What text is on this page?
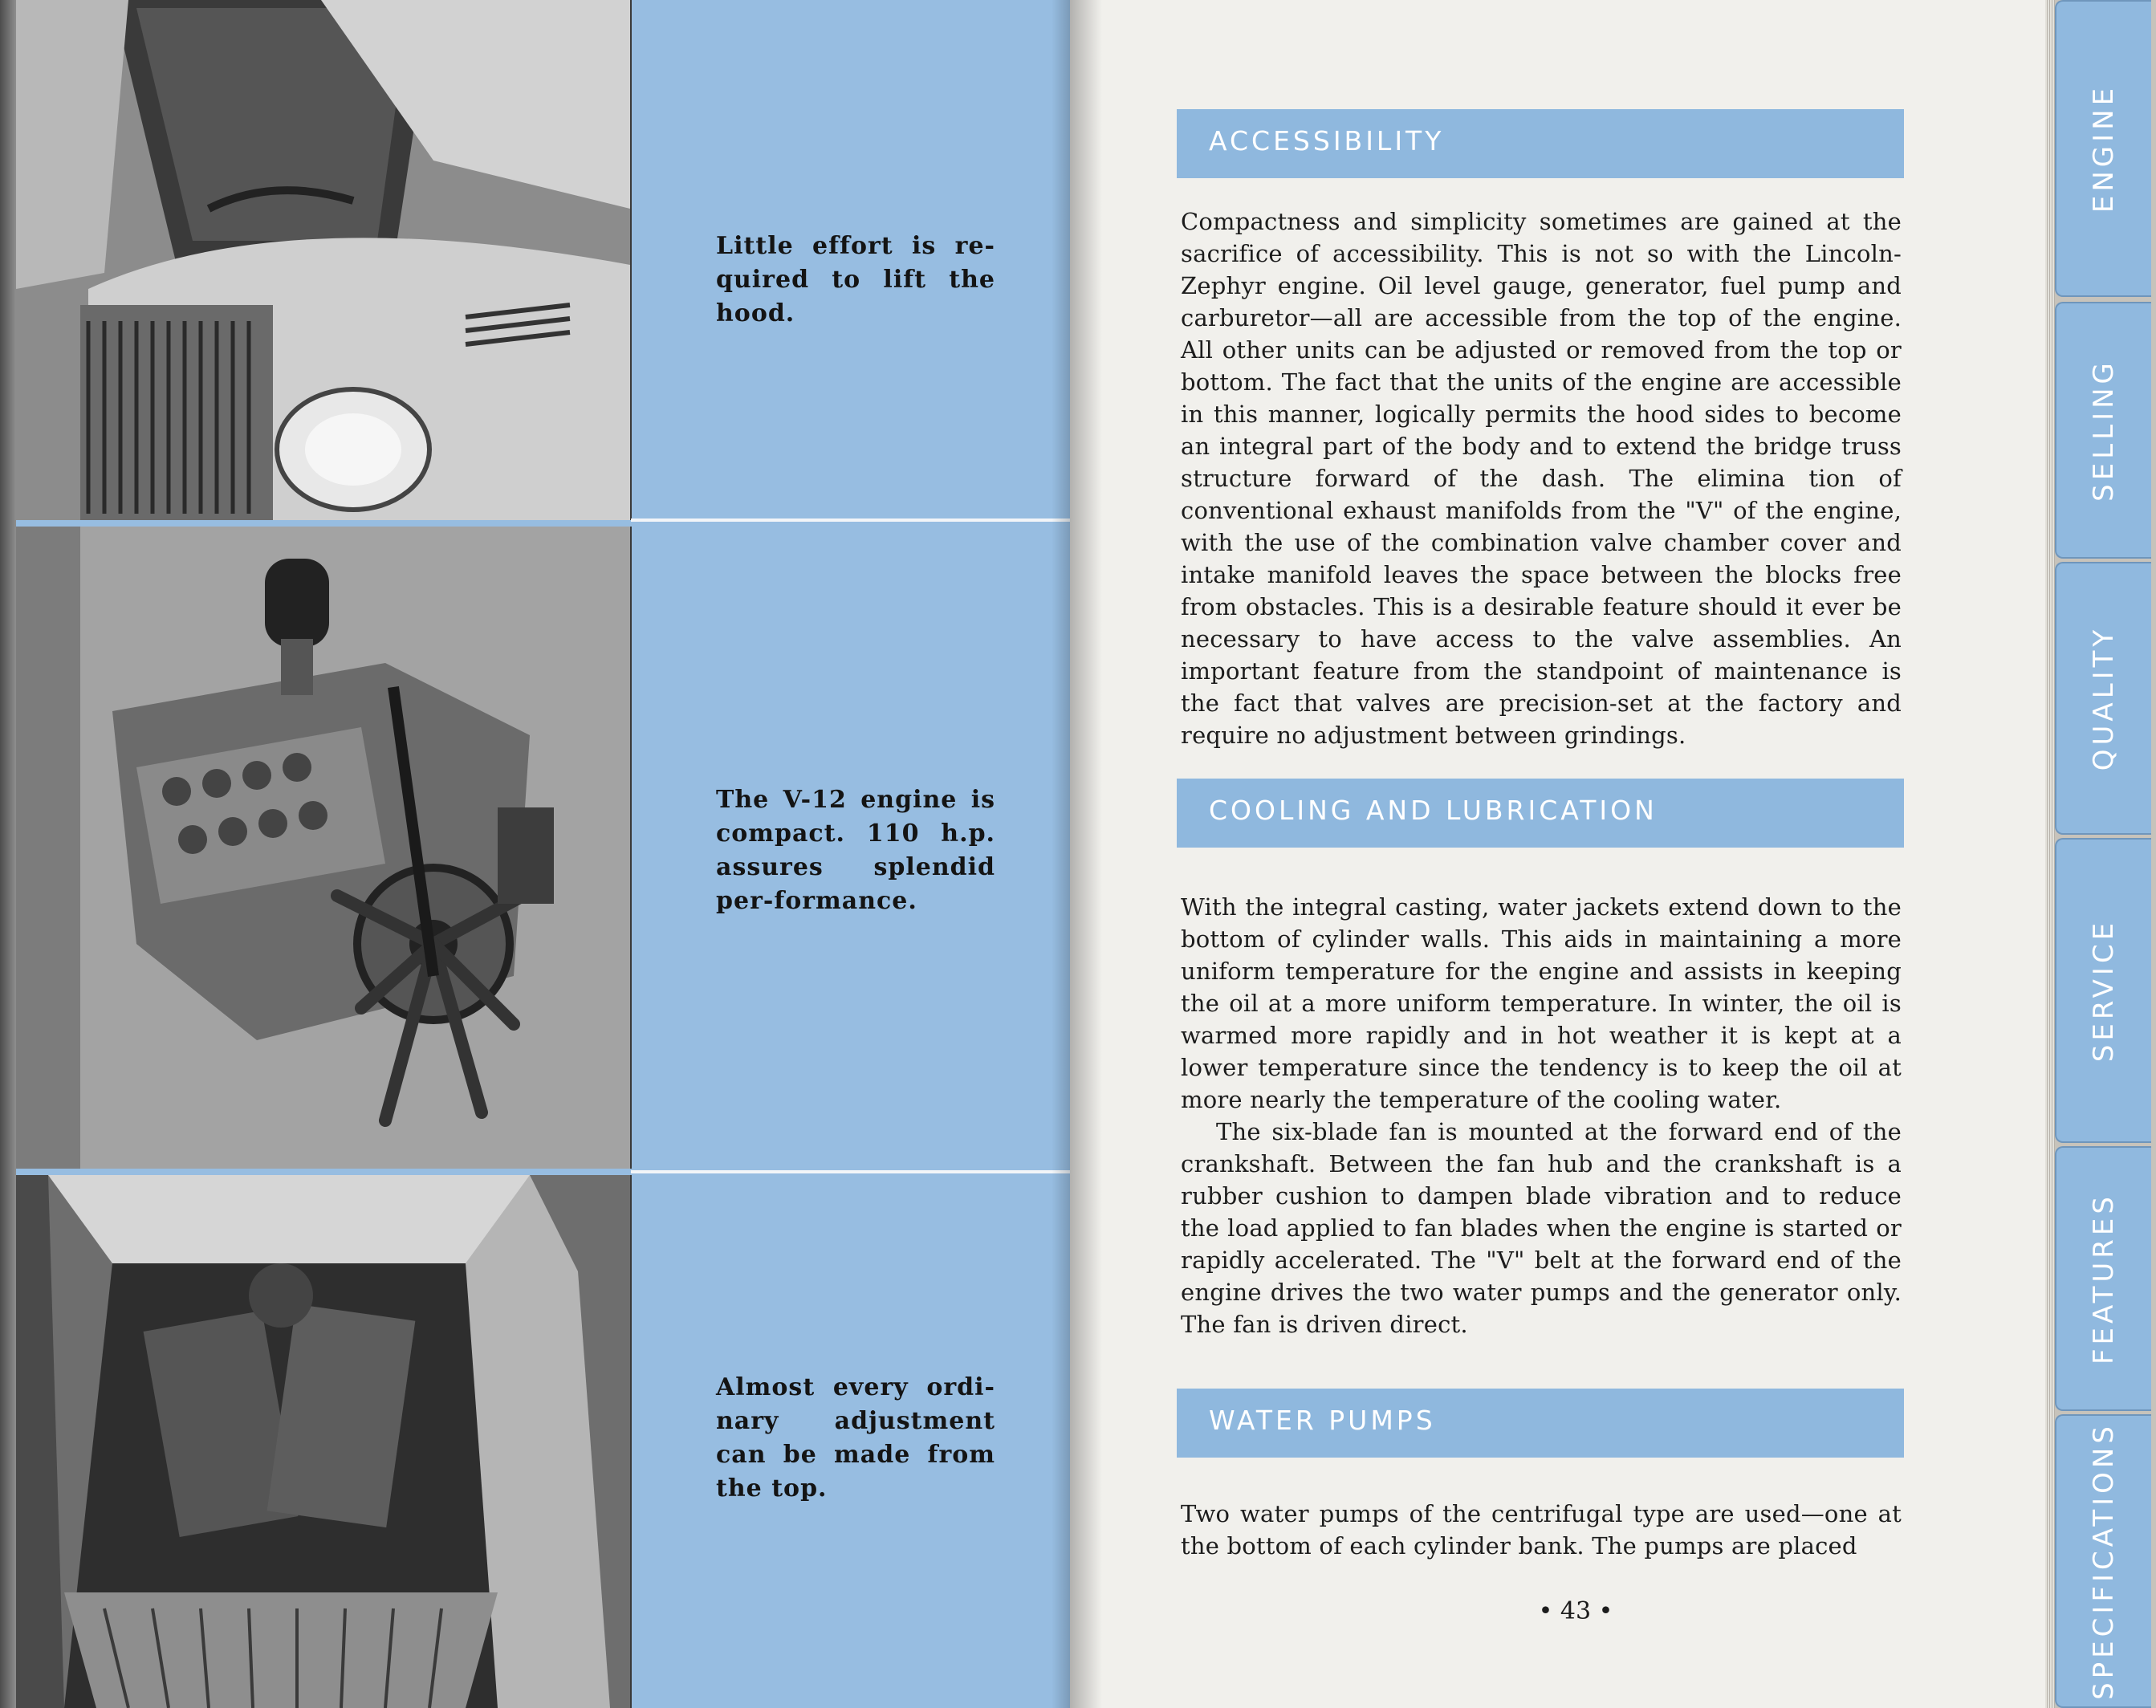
Little effort is re-quired to lift the hood.
The V-12 engine is compact. 110 h.p. assures splendid per-formance.
Almost every ordi-nary adjustment can be made from the top.
ACCESSIBILITY

Compactness and simplicity sometimes are gained at the sacrifice of accessibility. This is not so with the Lincoln-Zephyr engine. Oil level gauge, generator, fuel pump and carburetor—all are accessible from the top of the engine. All other units can be adjusted or removed from the top or bottom. The fact that the units of the engine are accessible in this manner, logically permits the hood sides to become an integral part of the body and to extend the bridge truss structure forward of the dash. The elimina tion of conventional exhaust manifolds from the "V" of the engine, with the use of the combination valve chamber cover and intake manifold leaves the space between the blocks free from obstacles. This is a desirable feature should it ever be necessary to have access to the valve assemblies. An important feature from the standpoint of maintenance is the fact that valves are precision-set at the factory and require no adjustment between grindings.

COOLING AND LUBRICATION

With the integral casting, water jackets extend down to the bottom of cylinder walls. This aids in maintaining a more uniform temperature for the engine and assists in keeping the oil at a more uniform temperature. In winter, the oil is warmed more rapidly and in hot weather it is kept at a lower temperature since the tendency is to keep the oil at more nearly the temperature of the cooling water.

The six-blade fan is mounted at the forward end of the crankshaft. Between the fan hub and the crankshaft is a rubber cushion to dampen blade vibration and to reduce the load applied to fan blades when the engine is started or rapidly accelerated. The "V" belt at the forward end of the engine drives the two water pumps and the generator only. The fan is driven direct.

WATER PUMPS

Two water pumps of the centrifugal type are used—one at the bottom of each cylinder bank. The pumps are placed

• 43 •
ENGINE
SELLING
QUALITY
SERVICE
FEATURES
SPECIFICATIONS
